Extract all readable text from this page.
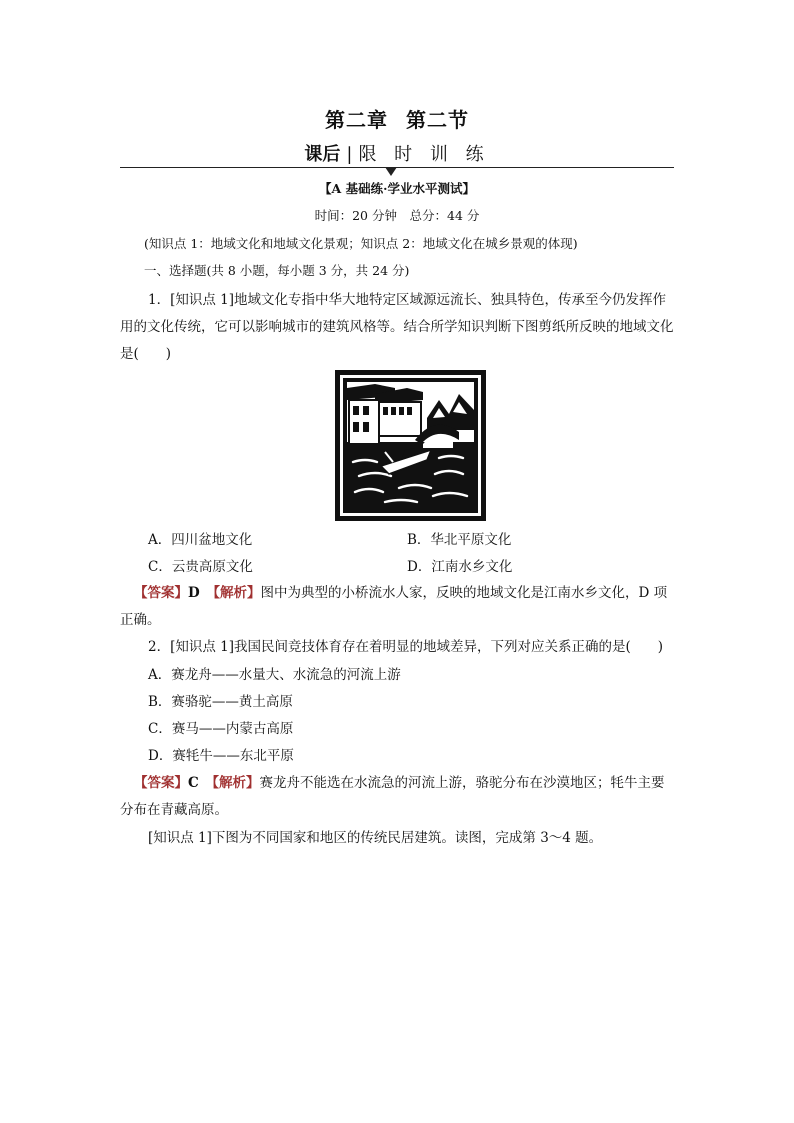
第二章 第二节
课后 | 限 时 训 练
【A 基础练·学业水平测试】
时间：20 分钟　总分：44 分
(知识点 1：地域文化和地域文化景观；知识点 2：地域文化在城乡景观的体现)
一、选择题(共 8 小题，每小题 3 分，共 24 分)
1．[知识点 1]地域文化专指中华大地特定区域源远流长、独具特色，传承至今仍发挥作用的文化传统，它可以影响城市的建筑风格等。结合所学知识判断下图剪纸所反映的地域文化是(　　)
A．四川盆地文化	B．华北平原文化
C．云贵高原文化	D．江南水乡文化
【答案】D　 【解析】图中为典型的小桥流水人家，反映的地域文化是江南水乡文化，D 项正确。
2．[知识点 1]我国民间竞技体育存在着明显的地域差异，下列对应关系正确的是(　　)
A．赛龙舟——水量大、水流急的河流上游
B．赛骆驼——黄土高原
C．赛马——内蒙古高原
D．赛牦牛——东北平原
【答案】C　 【解析】赛龙舟不能选在水流急的河流上游，骆驼分布在沙漠地区；牦牛主要分布在青藏高原。
[知识点 1]下图为不同国家和地区的传统民居建筑。读图，完成第 3～4 题。
